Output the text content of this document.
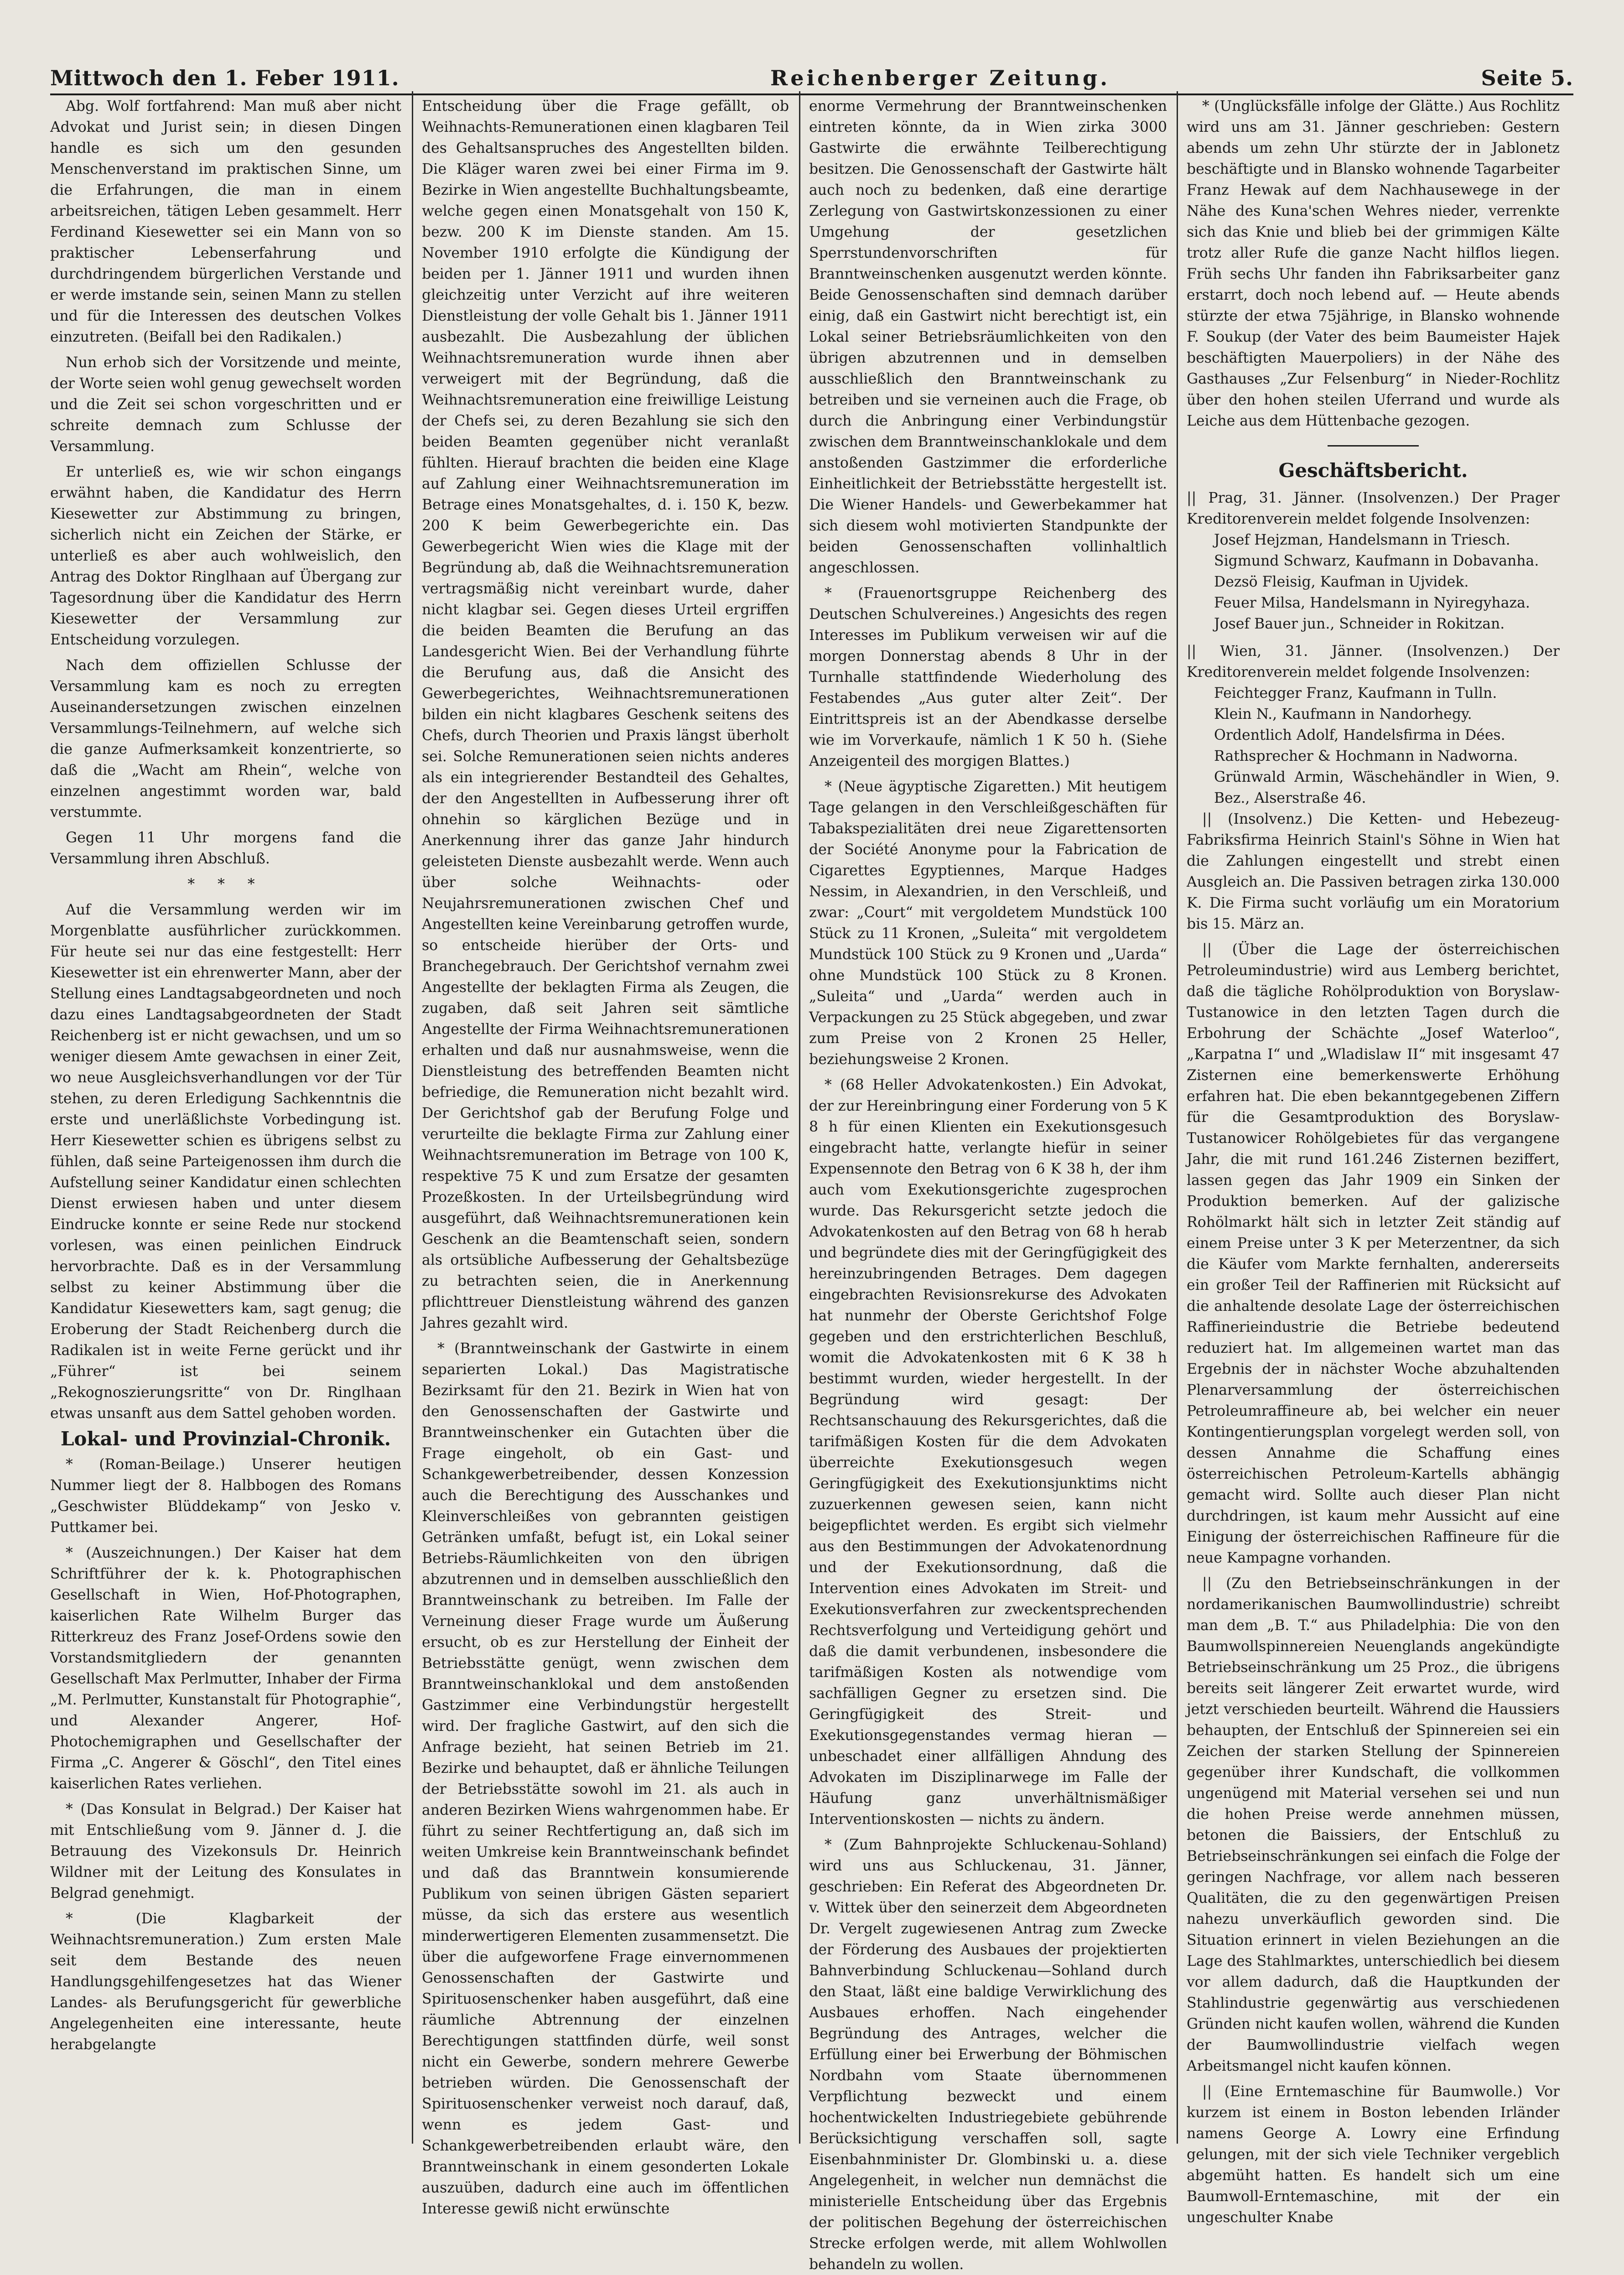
Mittwoch den 1. Feber 1911.	Reichenberger Zeitung.	Seite 5.

Abg. Wolf fortfahrend: Man muß aber nicht Advokat und Jurist sein; in diesen Dingen handle es sich um den gesunden Menschenverstand im praktischen Sinne, um die Erfahrungen, die man in einem arbeitsreichen, tätigen Leben gesammelt. Herr Ferdinand Kiesewetter sei ein Mann von so praktischer Lebenserfahrung und durchdringendem bürgerlichen Verstande und er werde imstande sein, seinen Mann zu stellen und für die Interessen des deutschen Volkes einzutreten. (Beifall bei den Radikalen.)

Nun erhob sich der Vorsitzende und meinte, der Worte seien wohl genug gewechselt worden und die Zeit sei schon vorgeschritten und er schreite demnach zum Schlusse der Versammlung.

Er unterließ es, wie wir schon eingangs erwähnt haben, die Kandidatur des Herrn Kiesewetter zur Abstimmung zu bringen, sicherlich nicht ein Zeichen der Stärke, er unterließ es aber auch wohlweislich, den Antrag des Doktor Ringlhaan auf Übergang zur Tagesordnung über die Kandidatur des Herrn Kiesewetter der Versammlung zur Entscheidung vorzulegen.

Nach dem offiziellen Schlusse der Versammlung kam es noch zu erregten Auseinandersetzungen zwischen einzelnen Versammlungs-Teilnehmern, auf welche sich die ganze Aufmerksamkeit konzentrierte, so daß die „Wacht am Rhein“, welche von einzelnen angestimmt worden war, bald verstummte.

Gegen 11 Uhr morgens fand die Versammlung ihren Abschluß.

* * *

Auf die Versammlung werden wir im Morgenblatte ausführlicher zurückkommen. Für heute sei nur das eine festgestellt: Herr Kiesewetter ist ein ehrenwerter Mann, aber der Stellung eines Landtagsabgeordneten und noch dazu eines Landtagsabgeordneten der Stadt Reichenberg ist er nicht gewachsen, und um so weniger diesem Amte gewachsen in einer Zeit, wo neue Ausgleichsverhandlungen vor der Tür stehen, zu deren Erledigung Sachkenntnis die erste und unerläßlichste Vorbedingung ist. Herr Kiesewetter schien es übrigens selbst zu fühlen, daß seine Parteigenossen ihm durch die Aufstellung seiner Kandidatur einen schlechten Dienst erwiesen haben und unter diesem Eindrucke konnte er seine Rede nur stockend vorlesen, was einen peinlichen Eindruck hervorbrachte. Daß es in der Versammlung selbst zu keiner Abstimmung über die Kandidatur Kiesewetters kam, sagt genug; die Eroberung der Stadt Reichenberg durch die Radikalen ist in weite Ferne gerückt und ihr „Führer“ ist bei seinem „Rekognoszierungsritte“ von Dr. Ringlhaan etwas unsanft aus dem Sattel gehoben worden.

Lokal- und Provinzial-Chronik.

* (Roman-Beilage.) Unserer heutigen Nummer liegt der 8. Halbbogen des Romans „Geschwister Blüddekamp“ von Jesko v. Puttkamer bei.

* (Auszeichnungen.) Der Kaiser hat dem Schriftführer der k. k. Photographischen Gesellschaft in Wien, Hof-Photographen, kaiserlichen Rate Wilhelm Burger das Ritterkreuz des Franz Josef-Ordens sowie den Vorstandsmitgliedern der genannten Gesellschaft Max Perlmutter, Inhaber der Firma „M. Perlmutter, Kunstanstalt für Photographie“, und Alexander Angerer, Hof-Photochemigraphen und Gesellschafter der Firma „C. Angerer & Göschl“, den Titel eines kaiserlichen Rates verliehen.

* (Das Konsulat in Belgrad.) Der Kaiser hat mit Entschließung vom 9. Jänner d. J. die Betrauung des Vizekonsuls Dr. Heinrich Wildner mit der Leitung des Konsulates in Belgrad genehmigt.

* (Die Klagbarkeit der Weihnachtsremuneration.) Zum ersten Male seit dem Bestande des neuen Handlungsgehilfengesetzes hat das Wiener Landes- als Berufungsgericht für gewerbliche Angelegenheiten eine interessante, heute herabgelangte

Entscheidung über die Frage gefällt, ob Weihnachts-Remunerationen einen klagbaren Teil des Gehaltsanspruches des Angestellten bilden. Die Kläger waren zwei bei einer Firma im 9. Bezirke in Wien angestellte Buchhaltungsbeamte, welche gegen einen Monatsgehalt von 150 K, bezw. 200 K im Dienste standen. Am 15. November 1910 erfolgte die Kündigung der beiden per 1. Jänner 1911 und wurden ihnen gleichzeitig unter Verzicht auf ihre weiteren Dienstleistung der volle Gehalt bis 1. Jänner 1911 ausbezahlt. Die Ausbezahlung der üblichen Weihnachtsremuneration wurde ihnen aber verweigert mit der Begründung, daß die Weihnachtsremuneration eine freiwillige Leistung der Chefs sei, zu deren Bezahlung sie sich den beiden Beamten gegenüber nicht veranlaßt fühlten. Hierauf brachten die beiden eine Klage auf Zahlung einer Weihnachtsremuneration im Betrage eines Monatsgehaltes, d. i. 150 K, bezw. 200 K beim Gewerbegerichte ein. Das Gewerbegericht Wien wies die Klage mit der Begründung ab, daß die Weihnachtsremuneration vertragsmäßig nicht vereinbart wurde, daher nicht klagbar sei. Gegen dieses Urteil ergriffen die beiden Beamten die Berufung an das Landesgericht Wien. Bei der Verhandlung führte die Berufung aus, daß die Ansicht des Gewerbegerichtes, Weihnachtsremunerationen bilden ein nicht klagbares Geschenk seitens des Chefs, durch Theorien und Praxis längst überholt sei. Solche Remunerationen seien nichts anderes als ein integrierender Bestandteil des Gehaltes, der den Angestellten in Aufbesserung ihrer oft ohnehin so kärglichen Bezüge und in Anerkennung ihrer das ganze Jahr hindurch geleisteten Dienste ausbezahlt werde. Wenn auch über solche Weihnachts- oder Neujahrsremunerationen zwischen Chef und Angestellten keine Vereinbarung getroffen wurde, so entscheide hierüber der Orts- und Branchegebrauch. Der Gerichtshof vernahm zwei Angestellte der beklagten Firma als Zeugen, die zugaben, daß seit Jahren seit sämtliche Angestellte der Firma Weihnachtsremunerationen erhalten und daß nur ausnahmsweise, wenn die Dienstleistung des betreffenden Beamten nicht befriedige, die Remuneration nicht bezahlt wird. Der Gerichtshof gab der Berufung Folge und verurteilte die beklagte Firma zur Zahlung einer Weihnachtsremuneration im Betrage von 100 K, respektive 75 K und zum Ersatze der gesamten Prozeßkosten. In der Urteilsbegründung wird ausgeführt, daß Weihnachtsremunerationen kein Geschenk an die Beamtenschaft seien, sondern als ortsübliche Aufbesserung der Gehaltsbezüge zu betrachten seien, die in Anerkennung pflichttreuer Dienstleistung während des ganzen Jahres gezahlt wird.

* (Branntweinschank der Gastwirte in einem separierten Lokal.) Das Magistratische Bezirksamt für den 21. Bezirk in Wien hat von den Genossenschaften der Gastwirte und Branntweinschenker ein Gutachten über die Frage eingeholt, ob ein Gast- und Schankgewerbetreibender, dessen Konzession auch die Berechtigung des Ausschankes und Kleinverschleißes von gebrannten geistigen Getränken umfaßt, befugt ist, ein Lokal seiner Betriebs-Räumlichkeiten von den übrigen abzutrennen und in demselben ausschließlich den Branntweinschank zu betreiben. Im Falle der Verneinung dieser Frage wurde um Äußerung ersucht, ob es zur Herstellung der Einheit der Betriebsstätte genügt, wenn zwischen dem Branntweinschanklokal und dem anstoßenden Gastzimmer eine Verbindungstür hergestellt wird. Der fragliche Gastwirt, auf den sich die Anfrage bezieht, hat seinen Betrieb im 21. Bezirke und behauptet, daß er ähnliche Teilungen der Betriebsstätte sowohl im 21. als auch in anderen Bezirken Wiens wahrgenommen habe. Er führt zu seiner Rechtfertigung an, daß sich im weiten Umkreise kein Branntweinschank befindet und daß das Branntwein konsumierende Publikum von seinen übrigen Gästen separiert müsse, da sich das erstere aus wesentlich minderwertigeren Elementen zusammensetzt. Die über die aufgeworfene Frage einvernommenen Genossenschaften der Gastwirte und Spirituosenschenker haben ausgeführt, daß eine räumliche Abtrennung der einzelnen Berechtigungen stattfinden dürfe, weil sonst nicht ein Gewerbe, sondern mehrere Gewerbe betrieben würden. Die Genossenschaft der Spirituosenschenker verweist noch darauf, daß, wenn es jedem Gast- und Schankgewerbetreibenden erlaubt wäre, den Branntweinschank in einem gesonderten Lokale auszuüben, dadurch eine auch im öffentlichen Interesse gewiß nicht erwünschte

enorme Vermehrung der Branntweinschenken eintreten könnte, da in Wien zirka 3000 Gastwirte die erwähnte Teilberechtigung besitzen. Die Genossenschaft der Gastwirte hält auch noch zu bedenken, daß eine derartige Zerlegung von Gastwirtskonzessionen zu einer Umgehung der gesetzlichen Sperrstundenvorschriften für Branntweinschenken ausgenutzt werden könnte. Beide Genossenschaften sind demnach darüber einig, daß ein Gastwirt nicht berechtigt ist, ein Lokal seiner Betriebsräumlichkeiten von den übrigen abzutrennen und in demselben ausschließlich den Branntweinschank zu betreiben und sie verneinen auch die Frage, ob durch die Anbringung einer Verbindungstür zwischen dem Branntweinschanklokale und dem anstoßenden Gastzimmer die erforderliche Einheitlichkeit der Betriebsstätte hergestellt ist. Die Wiener Handels- und Gewerbekammer hat sich diesem wohl motivierten Standpunkte der beiden Genossenschaften vollinhaltlich angeschlossen.

* (Frauenortsgruppe Reichenberg des Deutschen Schulvereines.) Angesichts des regen Interesses im Publikum verweisen wir auf die morgen Donnerstag abends 8 Uhr in der Turnhalle stattfindende Wiederholung des Festabendes „Aus guter alter Zeit“. Der Eintrittspreis ist an der Abendkasse derselbe wie im Vorverkaufe, nämlich 1 K 50 h. (Siehe Anzeigenteil des morgigen Blattes.)

* (Neue ägyptische Zigaretten.) Mit heutigem Tage gelangen in den Verschleißgeschäften für Tabakspezialitäten drei neue Zigarettensorten der Société Anonyme pour la Fabrication de Cigarettes Egyptiennes, Marque Hadges Nessim, in Alexandrien, in den Verschleiß, und zwar: „Court“ mit vergoldetem Mundstück 100 Stück zu 11 Kronen, „Suleita“ mit vergoldetem Mundstück 100 Stück zu 9 Kronen und „Uarda“ ohne Mundstück 100 Stück zu 8 Kronen. „Suleita“ und „Uarda“ werden auch in Verpackungen zu 25 Stück abgegeben, und zwar zum Preise von 2 Kronen 25 Heller, beziehungsweise 2 Kronen.

* (68 Heller Advokatenkosten.) Ein Advokat, der zur Hereinbringung einer Forderung von 5 K 8 h für einen Klienten ein Exekutionsgesuch eingebracht hatte, verlangte hiefür in seiner Expensennote den Betrag von 6 K 38 h, der ihm auch vom Exekutionsgerichte zugesprochen wurde. Das Rekursgericht setzte jedoch die Advokatenkosten auf den Betrag von 68 h herab und begründete dies mit der Geringfügigkeit des hereinzubringenden Betrages. Dem dagegen eingebrachten Revisionsrekurse des Advokaten hat nunmehr der Oberste Gerichtshof Folge gegeben und den erstrichterlichen Beschluß, womit die Advokatenkosten mit 6 K 38 h bestimmt wurden, wieder hergestellt. In der Begründung wird gesagt: Der Rechtsanschauung des Rekursgerichtes, daß die tarifmäßigen Kosten für die dem Advokaten überreichte Exekutionsgesuch wegen Geringfügigkeit des Exekutionsjunktims nicht zuzuerkennen gewesen seien, kann nicht beigepflichtet werden. Es ergibt sich vielmehr aus den Bestimmungen der Advokatenordnung und der Exekutionsordnung, daß die Intervention eines Advokaten im Streit- und Exekutionsverfahren zur zweckentsprechenden Rechtsverfolgung und Verteidigung gehört und daß die damit verbundenen, insbesondere die tarifmäßigen Kosten als notwendige vom sachfälligen Gegner zu ersetzen sind. Die Geringfügigkeit des Streit- und Exekutionsgegenstandes vermag hieran — unbeschadet einer allfälligen Ahndung des Advokaten im Disziplinarwege im Falle der Häufung ganz unverhältnismäßiger Interventionskosten — nichts zu ändern.

* (Zum Bahnprojekte Schluckenau-Sohland) wird uns aus Schluckenau, 31. Jänner, geschrieben: Ein Referat des Abgeordneten Dr. v. Wittek über den seinerzeit dem Abgeordneten Dr. Vergelt zugewiesenen Antrag zum Zwecke der Förderung des Ausbaues der projektierten Bahnverbindung Schluckenau—Sohland durch den Staat, läßt eine baldige Verwirklichung des Ausbaues erhoffen. Nach eingehender Begründung des Antrages, welcher die Erfüllung einer bei Erwerbung der Böhmischen Nordbahn vom Staate übernommenen Verpflichtung bezweckt und einem hochentwickelten Industriegebiete gebührende Berücksichtigung verschaffen soll, sagte Eisenbahnminister Dr. Glombinski u. a. diese Angelegenheit, in welcher nun demnächst die ministerielle Entscheidung über das Ergebnis der politischen Begehung der österreichischen Strecke erfolgen werde, mit allem Wohlwollen behandeln zu wollen.

* (Unglücksfälle infolge der Glätte.) Aus Rochlitz wird uns am 31. Jänner geschrieben: Gestern abends um zehn Uhr stürzte der in Jablonetz beschäftigte und in Blansko wohnende Tagarbeiter Franz Hewak auf dem Nachhausewege in der Nähe des Kuna'schen Wehres nieder, verrenkte sich das Knie und blieb bei der grimmigen Kälte trotz aller Rufe die ganze Nacht hilflos liegen. Früh sechs Uhr fanden ihn Fabriksarbeiter ganz erstarrt, doch noch lebend auf. — Heute abends stürzte der etwa 75jährige, in Blansko wohnende F. Soukup (der Vater des beim Baumeister Hajek beschäftigten Mauerpoliers) in der Nähe des Gasthauses „Zur Felsenburg“ in Nieder-Rochlitz über den hohen steilen Uferrand und wurde als Leiche aus dem Hüttenbache gezogen.

Geschäftsbericht.

|| Prag, 31. Jänner. (Insolvenzen.) Der Prager Kreditorenverein meldet folgende Insolvenzen:

Josef Hejzman, Handelsmann in Triesch.

Sigmund Schwarz, Kaufmann in Dobavanha.

Dezsö Fleisig, Kaufman in Ujvidek.

Feuer Milsa, Handelsmann in Nyiregyhaza.

Josef Bauer jun., Schneider in Rokitzan.

|| Wien, 31. Jänner. (Insolvenzen.) Der Kreditorenverein meldet folgende Insolvenzen:

Feichtegger Franz, Kaufmann in Tulln.

Klein N., Kaufmann in Nandorhegy.

Ordentlich Adolf, Handelsfirma in Dées.

Rathsprecher & Hochmann in Nadworna.

Grünwald Armin, Wäschehändler in Wien, 9. Bez., Alserstraße 46.

|| (Insolvenz.) Die Ketten- und Hebezeug-Fabriksfirma Heinrich Stainl's Söhne in Wien hat die Zahlungen eingestellt und strebt einen Ausgleich an. Die Passiven betragen zirka 130.000 K. Die Firma sucht vorläufig um ein Moratorium bis 15. März an.

|| (Über die Lage der österreichischen Petroleumindustrie) wird aus Lemberg berichtet, daß die tägliche Rohölproduktion von Boryslaw-Tustanowice in den letzten Tagen durch die Erbohrung der Schächte „Josef Waterloo“, „Karpatna I“ und „Wladislaw II“ mit insgesamt 47 Zisternen eine bemerkenswerte Erhöhung erfahren hat. Die eben bekanntgegebenen Ziffern für die Gesamtproduktion des Boryslaw-Tustanowicer Rohölgebietes für das vergangene Jahr, die mit rund 161.246 Zisternen beziffert, lassen gegen das Jahr 1909 ein Sinken der Produktion bemerken. Auf der galizische Rohölmarkt hält sich in letzter Zeit ständig auf einem Preise unter 3 K per Meterzentner, da sich die Käufer vom Markte fernhalten, andererseits ein großer Teil der Raffinerien mit Rücksicht auf die anhaltende desolate Lage der österreichischen Raffinerieindustrie die Betriebe bedeutend reduziert hat. Im allgemeinen wartet man das Ergebnis der in nächster Woche abzuhaltenden Plenarversammlung der österreichischen Petroleumraffineure ab, bei welcher ein neuer Kontingentierungsplan vorgelegt werden soll, von dessen Annahme die Schaffung eines österreichischen Petroleum-Kartells abhängig gemacht wird. Sollte auch dieser Plan nicht durchdringen, ist kaum mehr Aussicht auf eine Einigung der österreichischen Raffineure für die neue Kampagne vorhanden.

|| (Zu den Betriebseinschränkungen in der nordamerikanischen Baumwollindustrie) schreibt man dem „B. T.“ aus Philadelphia: Die von den Baumwollspinnereien Neuenglands angekündigte Betriebseinschränkung um 25 Proz., die übrigens bereits seit längerer Zeit erwartet wurde, wird jetzt verschieden beurteilt. Während die Haussiers behaupten, der Entschluß der Spinnereien sei ein Zeichen der starken Stellung der Spinnereien gegenüber ihrer Kundschaft, die vollkommen ungenügend mit Material versehen sei und nun die hohen Preise werde annehmen müssen, betonen die Baissiers, der Entschluß zu Betriebseinschränkungen sei einfach die Folge der geringen Nachfrage, vor allem nach besseren Qualitäten, die zu den gegenwärtigen Preisen nahezu unverkäuflich geworden sind. Die Situation erinnert in vielen Beziehungen an die Lage des Stahlmarktes, unterschiedlich bei diesem vor allem dadurch, daß die Hauptkunden der Stahlindustrie gegenwärtig aus verschiedenen Gründen nicht kaufen wollen, während die Kunden der Baumwollindustrie vielfach wegen Arbeitsmangel nicht kaufen können.

|| (Eine Erntemaschine für Baumwolle.) Vor kurzem ist einem in Boston lebenden Irländer namens George A. Lowry eine Erfindung gelungen, mit der sich viele Techniker vergeblich abgemüht hatten. Es handelt sich um eine Baumwoll-Erntemaschine, mit der ein ungeschulter Knabe
